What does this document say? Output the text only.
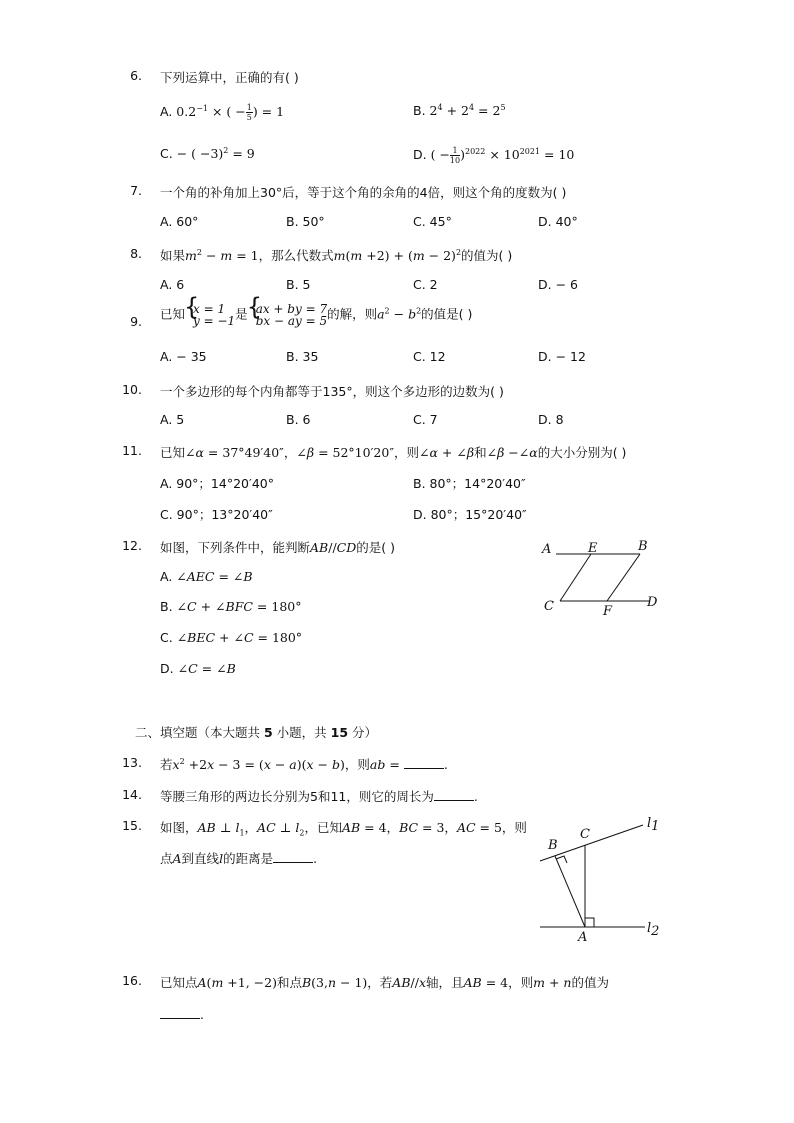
6. 下列运算中，正确的有( )
A. $0.2^{-1}$ × ( − $\frac{1}{5}$ ) = 1	B. $2^4 + 2^4 = 2^5$
C. − ( −3)$^2$ = 9	D. ( − $\frac{1}{10} )^{2022} \times 10^{2021} = 10$
7. 一个角的补角加上30°后，等于这个角的余角的4倍，则这个角的度数为( )
A. 60°	B. 50°	C. 45°	D. 40°
8. 如果$m^2 - m = 1$，那么代数式$m(m +2) + (m - 2)^2$的值为( )
A. 6	B. 5	C. 2	D. − 6
9. 已知 { x = 1
y = −1是 { ax + by = 7
bx − ay = 5的解，则$a^2 - b^2$的值是( )
A. − 35	B. 35	C. 12	D. − 12
10. 一个多边形的每个内角都等于135°，则这个多边形的边数为( )
A. 5	B. 6	C. 7	D. 8
11. 已知∠α = 37°49′40″，∠β = 52°10′20″，则∠α + ∠β和∠β −∠α的大小分别为( )
A. 90°；14°20′40°	B. 80°；14°20′40″
C. 90°；13°20′40″	D. 80°；15°20′40″
12. 如图，下列条件中，能判断AB//CD的是( )
A. ∠AEC = ∠B
B. ∠C + ∠BFC = 180°
C. ∠BEC + ∠C = 180°
D. ∠C = ∠B
A	E	B
C	F
D
二、填空题（本大题共 5 小题，共 15 分）
13. 若$x^2 +2x - 3 = (x - a)(x - b)$，则ab =	.
14. 等腰三角形的两边长分别为5和11，则它的周长为	.
15. 如图，AB ⊥ $l_1$，AC ⊥ $l_2$，已知AB = 4，BC = 3，AC = 5，则
点A到直线l的距离是	.
C
B
A
l1
l2
16. 已知点A(m +1, −2)和点B(3,n − 1)，若AB//x轴，且AB = 4，则m + n的值为
.
